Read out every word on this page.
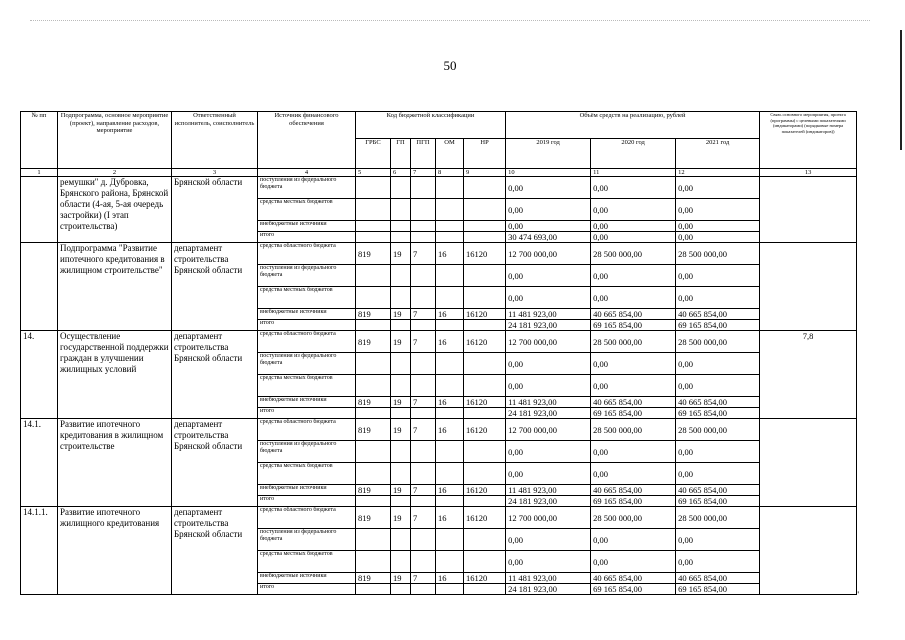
50
№ пп	Подпрограмма, основное мероприятие (проект), направление расходов, мероприятие	Ответственный исполнитель, соисполнитель	Источник финансового обеспечения	Код бюджетной классификации					Объём средств на реализацию, рублей			Связь основного мероприятия, проекта (программы) с целевыми показателями (индикаторами) (порядковые номера показателей (индикаторов))
				ГРБС	ГП	ПГП	ОМ	НР	2019 год	2020 год	2021 год	
1	2	3	4	5	6	7	8	9	10	11	12	13
	ремушки" д. Дубровка, Брянского района, Брянской области (4-ая, 5-ая очередь застройки) (I этап строительства)	Брянской области	поступления из федерального бюджета						0,00	0,00	0,00	
			средства местных бюджетов						0,00	0,00	0,00	
			внебюджетные источники						0,00	0,00	0,00	
			итого						30 474 693,00	0,00	0,00	
	Подпрограмма "Развитие ипотечного кредитования в жилищном строительстве"	департамент строительства Брянской области	средства областного бюджета	819	19	7	16	16120	12 700 000,00	28 500 000,00	28 500 000,00	
			поступления из федерального бюджета						0,00	0,00	0,00	
			средства местных бюджетов						0,00	0,00	0,00	
			внебюджетные источники	819	19	7	16	16120	11 481 923,00	40 665 854,00	40 665 854,00	
			итого						24 181 923,00	69 165 854,00	69 165 854,00	
14.	Осуществление государственной поддержки граждан в улучшении жилищных условий	департамент строительства Брянской области	средства областного бюджета	819	19	7	16	16120	12 700 000,00	28 500 000,00	28 500 000,00	7,8
			поступления из федерального бюджета						0,00	0,00	0,00	
			средства местных бюджетов						0,00	0,00	0,00	
			внебюджетные источники	819	19	7	16	16120	11 481 923,00	40 665 854,00	40 665 854,00	
			итого						24 181 923,00	69 165 854,00	69 165 854,00	
14.1.	Развитие ипотечного кредитования в жилищном строительстве	департамент строительства Брянской области	средства областного бюджета	819	19	7	16	16120	12 700 000,00	28 500 000,00	28 500 000,00	
			поступления из федерального бюджета						0,00	0,00	0,00	
			средства местных бюджетов						0,00	0,00	0,00	
			внебюджетные источники	819	19	7	16	16120	11 481 923,00	40 665 854,00	40 665 854,00	
			итого						24 181 923,00	69 165 854,00	69 165 854,00	
14.1.1.	Развитие ипотечного жилищного кредитования	департамент строительства Брянской области	средства областного бюджета	819	19	7	16	16120	12 700 000,00	28 500 000,00	28 500 000,00	
			поступления из федерального бюджета						0,00	0,00	0,00	
			средства местных бюджетов						0,00	0,00	0,00	
			внебюджетные источники	819	19	7	16	16120	11 481 923,00	40 665 854,00	40 665 854,00	
			итого						24 181 923,00	69 165 854,00	69 165 854,00	
"
